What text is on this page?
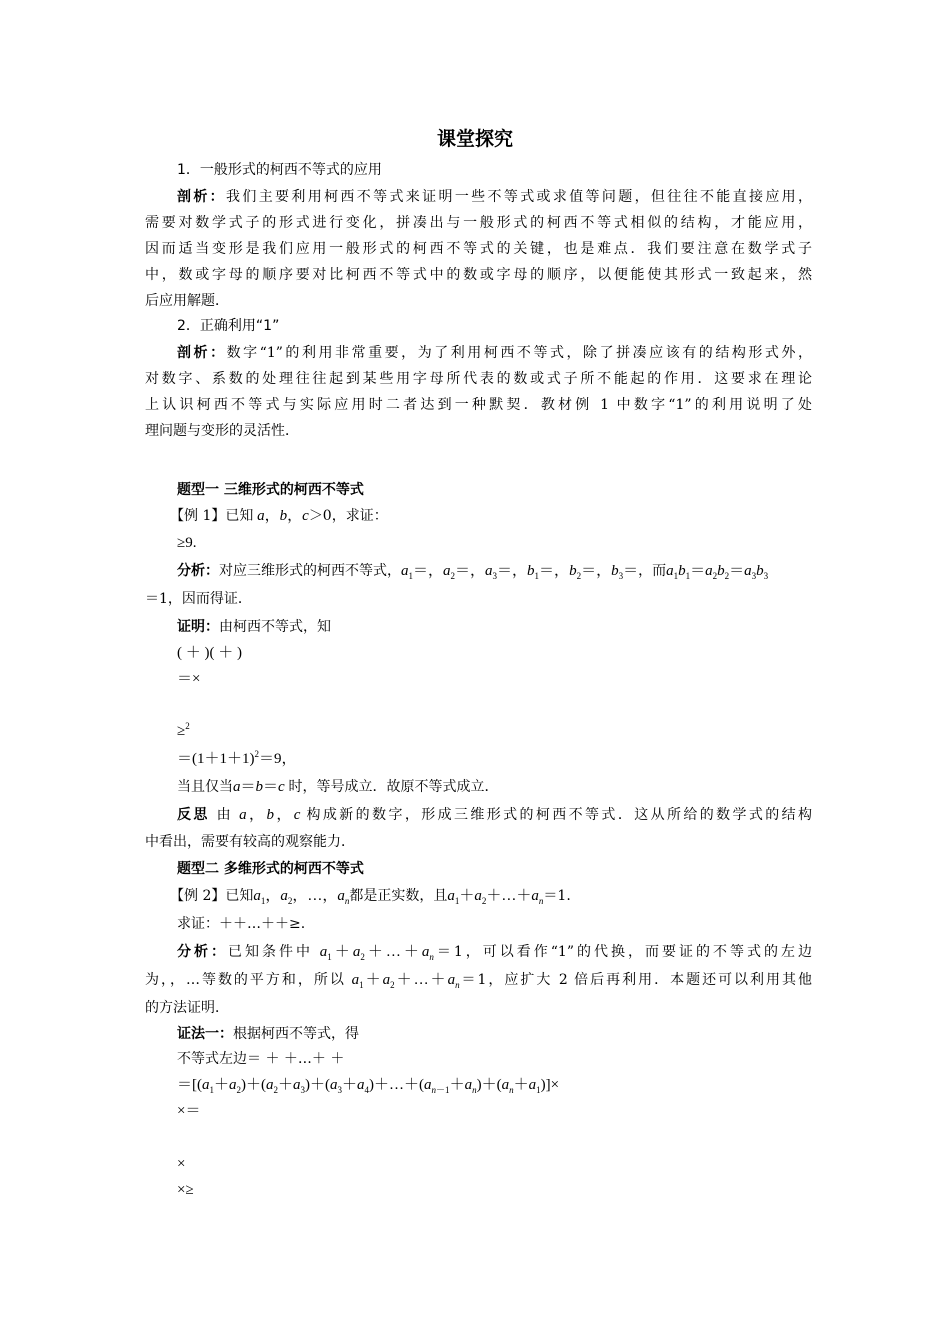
课堂探究
1．一般形式的柯西不等式的应用
剖析：我们主要利用柯西不等式来证明一些不等式或求值等问题，但往往不能直接应用，
需要对数学式子的形式进行变化，拼凑出与一般形式的柯西不等式相似的结构，才能应用，
因而适当变形是我们应用一般形式的柯西不等式的关键，也是难点．我们要注意在数学式子
中，数或字母的顺序要对比柯西不等式中的数或字母的顺序，以便能使其形式一致起来，然
后应用解题．
2．正确利用“1”
剖析：数字“1”的利用非常重要，为了利用柯西不等式，除了拼凑应该有的结构形式外，
对数字、系数的处理往往起到某些用字母所代表的数或式子所不能起的作用．这要求在理论
上认识柯西不等式与实际应用时二者达到一种默契．教材例 1 中数字“1”的利用说明了处
理问题与变形的灵活性．
题型一 三维形式的柯西不等式
【例 1】已知 a，b，c＞0，求证：
≥9.
分析：对应三维形式的柯西不等式，$a_1=$，$a_2=$，$a_3=$，$b_1=$，$b_2=$，$b_3=$，而$a_1b_1=a_2b_2=a_3b_3$
＝1，因而得证．
证明：由柯西不等式，知
( ＋ )( ＋ )
＝×
≥$^2$
$=(1+1+1)^2=9$，
当且仅当a＝b＝c 时，等号成立．故原不等式成立．
反思 由 a，b，c 构成新的数字，形成三维形式的柯西不等式．这从所给的数学式的结构
中看出，需要有较高的观察能力．
题型二 多维形式的柯西不等式
【例 2】已知$a_1$，$a_2$，…，$a_n$都是正实数，且$a_1+a_2+\dots+a_n=1$.
求证：＋＋…＋＋≥.
分析：已知条件中 $a_1+a_2+\dots+a_n=1$，可以看作“1”的代换，而要证的不等式的左边
为，，…等数的平方和，所以 $a_1+a_2+\dots+a_n=1$，应扩大 2 倍后再利用．本题还可以利用其他
的方法证明．
证法一：根据柯西不等式，得
不等式左边＝ ＋ ＋…＋ ＋
$=[(a_1+a_2)+(a_2+a_3)+(a_3+a_4)+\dots+(a_{n-1}+a_n)+(a_n+a_1)]\times$
×＝
×
×≥
